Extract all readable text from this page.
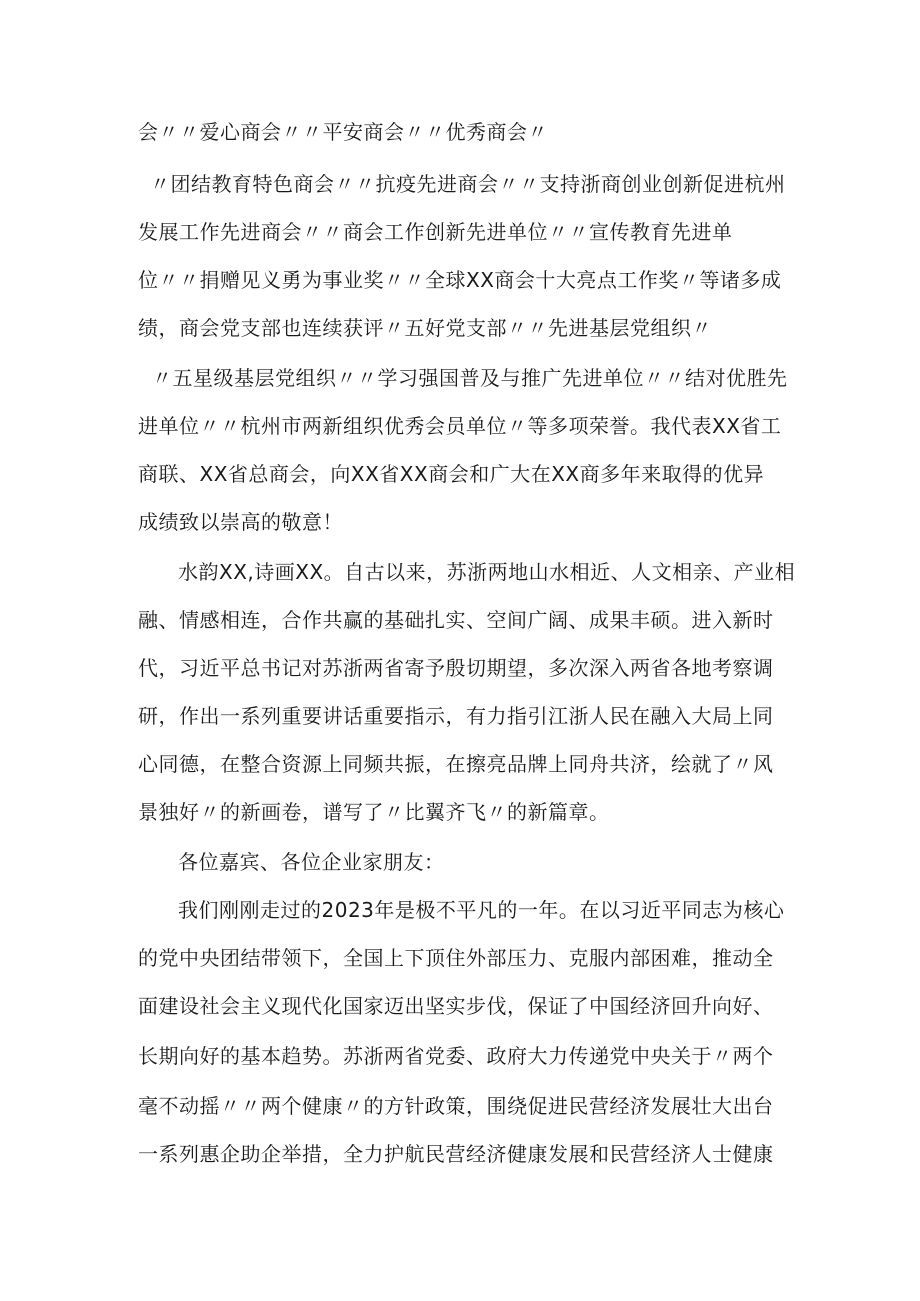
会〃〃爱心商会〃〃平安商会〃〃优秀商会〃
〃团结教育特色商会〃〃抗疫先进商会〃〃支持浙商创业创新促进杭州
发展工作先进商会〃〃商会工作创新先进单位〃〃宣传教育先进单
位〃〃捐赠见义勇为事业奖〃〃全球XX商会十大亮点工作奖〃等诸多成
绩，商会党支部也连续获评〃五好党支部〃〃先进基层党组织〃
〃五星级基层党组织〃〃学习强国普及与推广先进单位〃〃结对优胜先
进单位〃〃杭州市两新组织优秀会员单位〃等多项荣誉。我代表XX省工
商联、XX省总商会，向XX省XX商会和广大在XX商多年来取得的优异
成绩致以崇高的敬意！
水韵XX,诗画XX。自古以来，苏浙两地山水相近、人文相亲、产业相
融、情感相连，合作共赢的基础扎实、空间广阔、成果丰硕。进入新时
代，习近平总书记对苏浙两省寄予殷切期望，多次深入两省各地考察调
研，作出一系列重要讲话重要指示，有力指引江浙人民在融入大局上同
心同德，在整合资源上同频共振，在擦亮品牌上同舟共济，绘就了〃风
景独好〃的新画卷，谱写了〃比翼齐飞〃的新篇章。
各位嘉宾、各位企业家朋友：
我们刚刚走过的2023年是极不平凡的一年。在以习近平同志为核心
的党中央团结带领下，全国上下顶住外部压力、克服内部困难，推动全
面建设社会主义现代化国家迈出坚实步伐，保证了中国经济回升向好、
长期向好的基本趋势。苏浙两省党委、政府大力传递党中央关于〃两个
毫不动摇〃〃两个健康〃的方针政策，围绕促进民营经济发展壮大出台
一系列惠企助企举措，全力护航民营经济健康发展和民营经济人士健康
